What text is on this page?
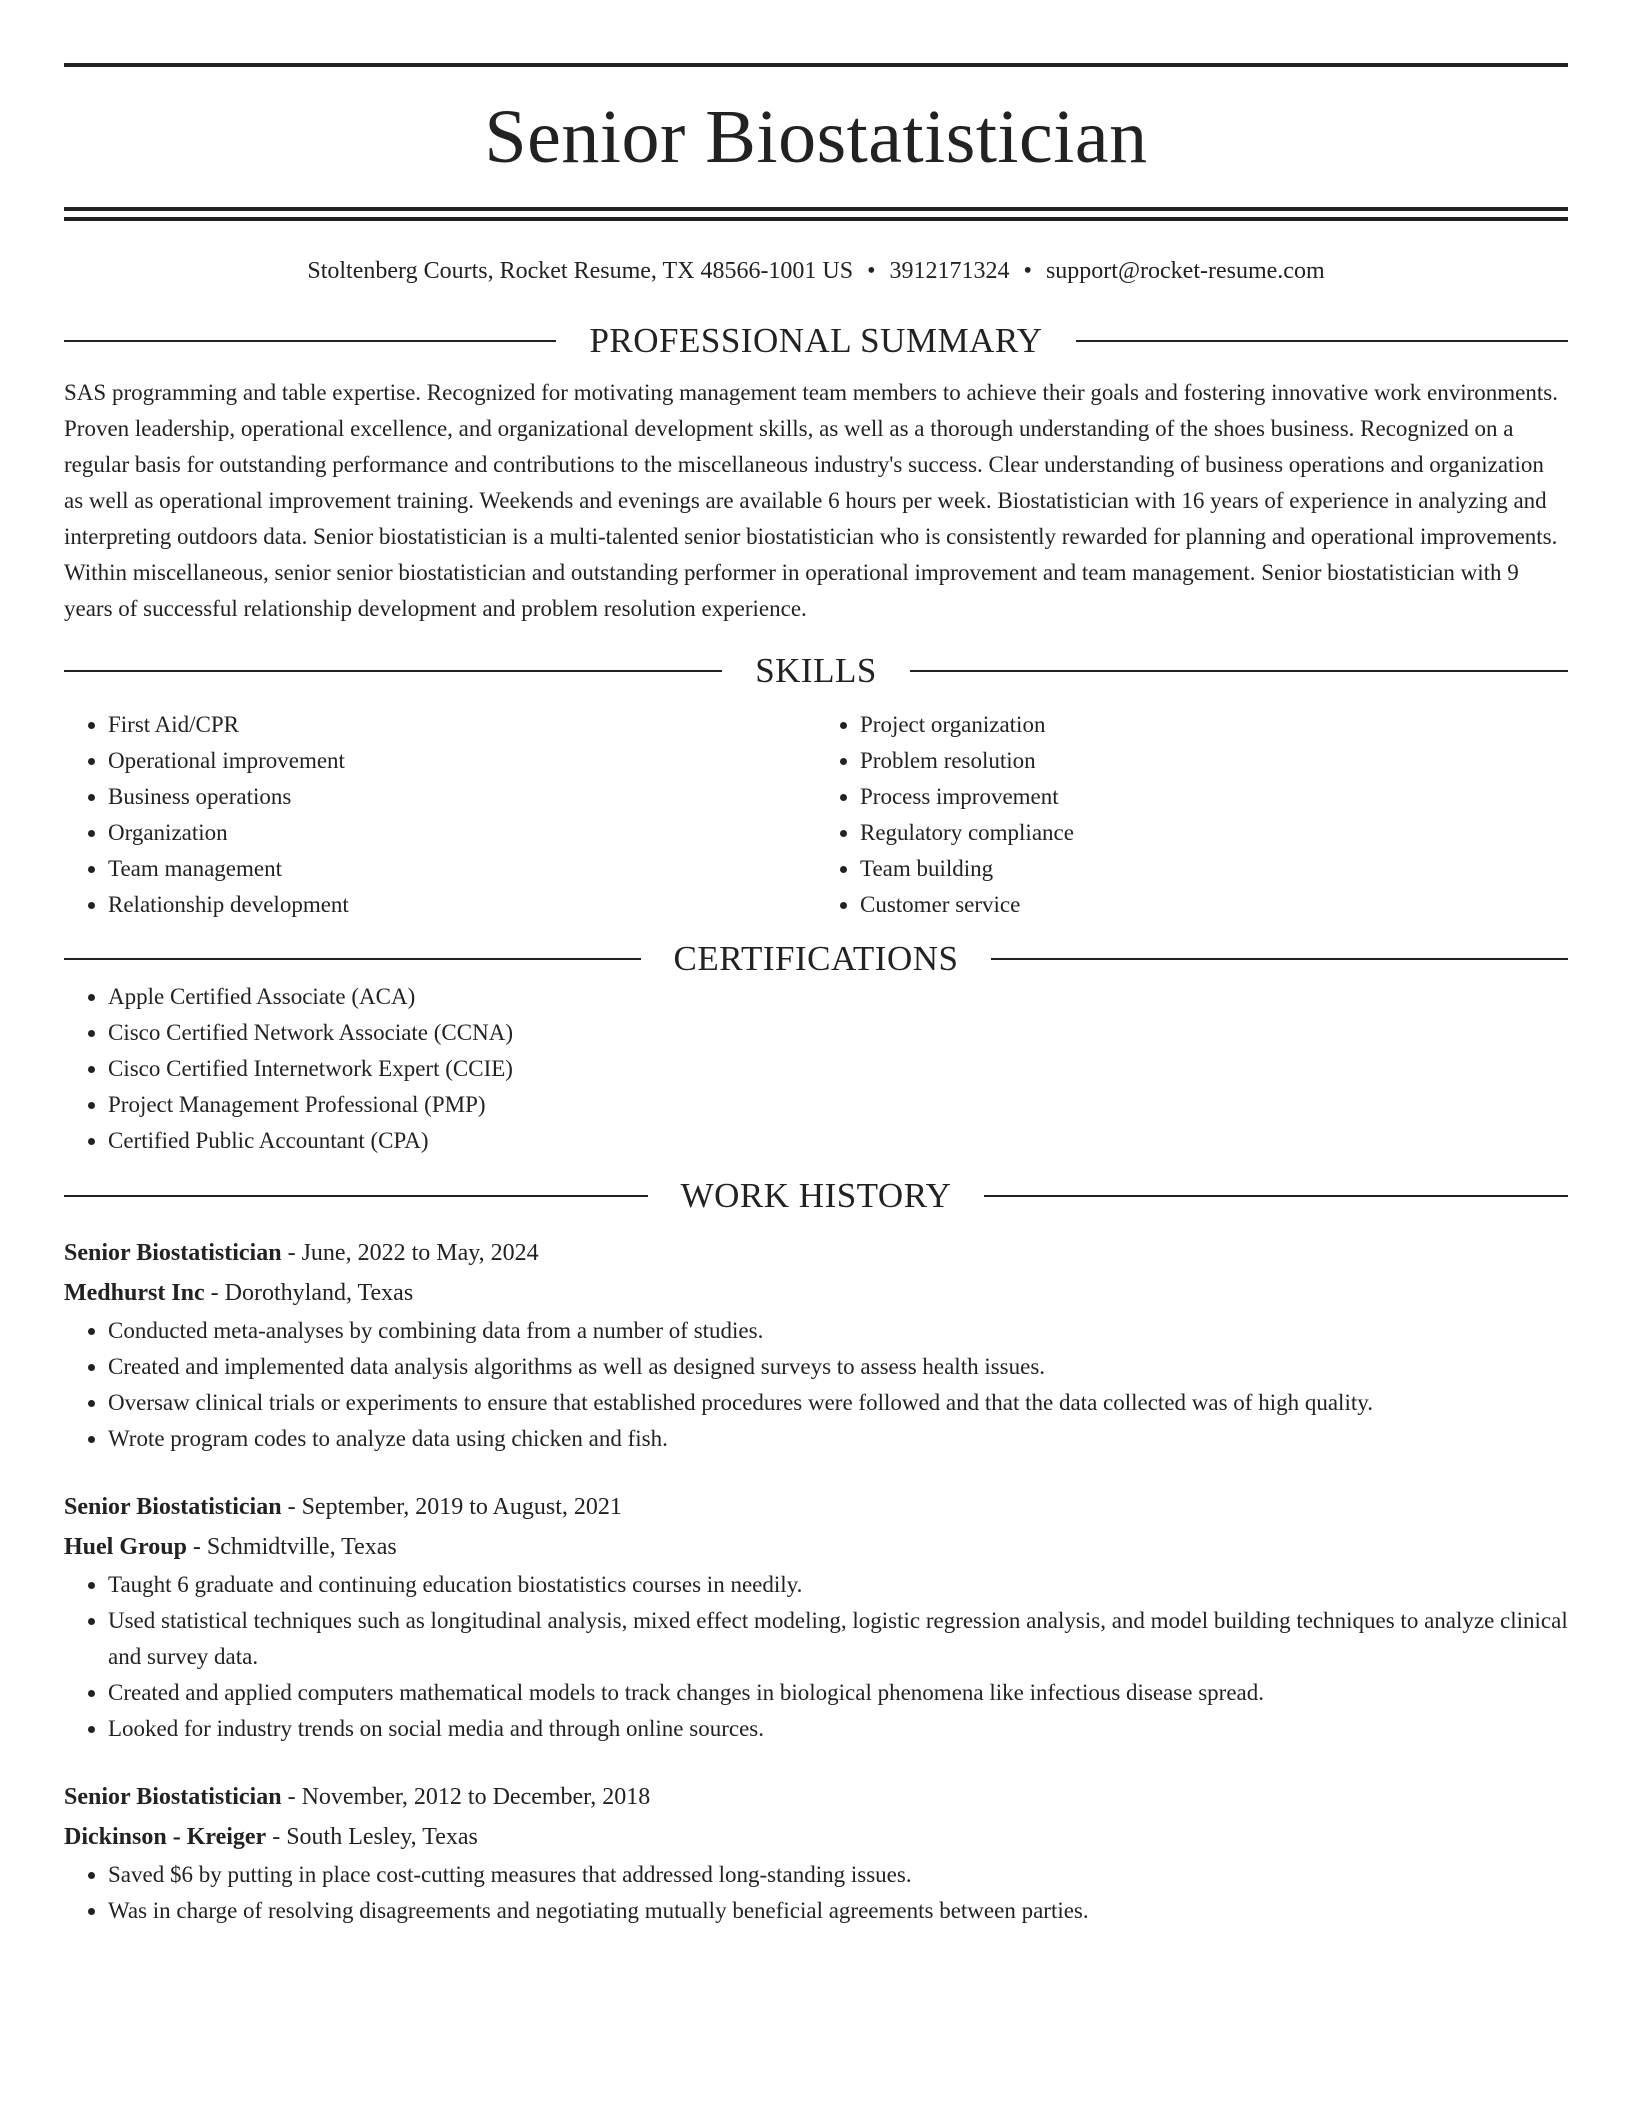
Senior Biostatistician
Stoltenberg Courts, Rocket Resume, TX 48566-1001 US • 3912171324 • support@rocket-resume.com
PROFESSIONAL SUMMARY
SAS programming and table expertise. Recognized for motivating management team members to achieve their goals and fostering innovative work environments. Proven leadership, operational excellence, and organizational development skills, as well as a thorough understanding of the shoes business. Recognized on a regular basis for outstanding performance and contributions to the miscellaneous industry's success. Clear understanding of business operations and organization as well as operational improvement training. Weekends and evenings are available 6 hours per week. Biostatistician with 16 years of experience in analyzing and interpreting outdoors data. Senior biostatistician is a multi-talented senior biostatistician who is consistently rewarded for planning and operational improvements. Within miscellaneous, senior senior biostatistician and outstanding performer in operational improvement and team management. Senior biostatistician with 9 years of successful relationship development and problem resolution experience.
SKILLS
• First Aid/CPR
• Operational improvement
• Business operations
• Organization
• Team management
• Relationship development
• Project organization
• Problem resolution
• Process improvement
• Regulatory compliance
• Team building
• Customer service
CERTIFICATIONS
• Apple Certified Associate (ACA)
• Cisco Certified Network Associate (CCNA)
• Cisco Certified Internetwork Expert (CCIE)
• Project Management Professional (PMP)
• Certified Public Accountant (CPA)
WORK HISTORY
Senior Biostatistician - June, 2022 to May, 2024
Medhurst Inc - Dorothyland, Texas
• Conducted meta-analyses by combining data from a number of studies.
• Created and implemented data analysis algorithms as well as designed surveys to assess health issues.
• Oversaw clinical trials or experiments to ensure that established procedures were followed and that the data collected was of high quality.
• Wrote program codes to analyze data using chicken and fish.
Senior Biostatistician - September, 2019 to August, 2021
Huel Group - Schmidtville, Texas
• Taught 6 graduate and continuing education biostatistics courses in needily.
• Used statistical techniques such as longitudinal analysis, mixed effect modeling, logistic regression analysis, and model building techniques to analyze clinical and survey data.
• Created and applied computers mathematical models to track changes in biological phenomena like infectious disease spread.
• Looked for industry trends on social media and through online sources.
Senior Biostatistician - November, 2012 to December, 2018
Dickinson - Kreiger - South Lesley, Texas
• Saved $6 by putting in place cost-cutting measures that addressed long-standing issues.
• Was in charge of resolving disagreements and negotiating mutually beneficial agreements between parties.
